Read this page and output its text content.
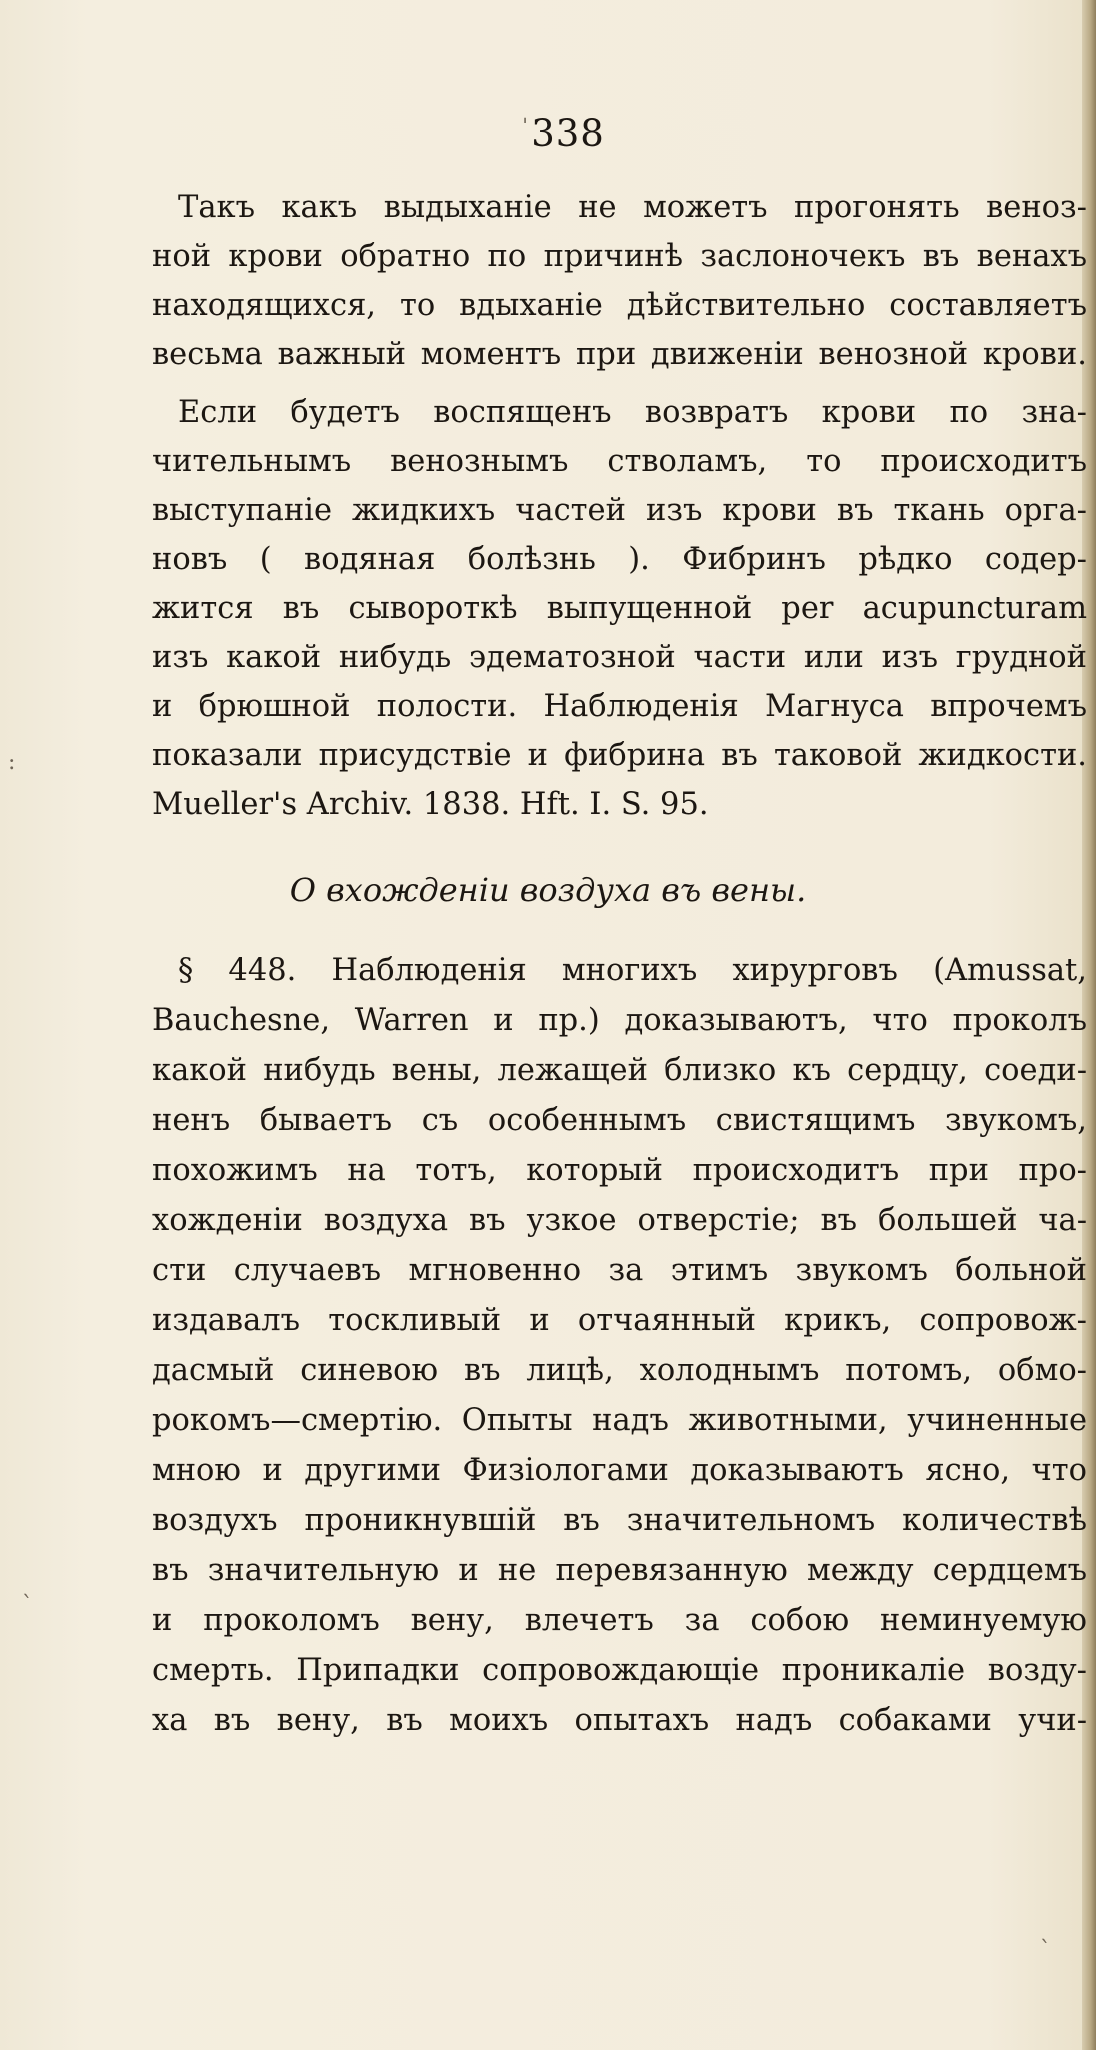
ˈ
:
ˋ
ˋ
338
Такъ какъ выдыханіе не можетъ прогонять веноз-
ной крови обратно по причинѣ заслоночекъ въ венахъ
находящихся, то вдыханіе дѣйствительно составляетъ
весьма важный моментъ при движеніи венозной крови.
Если будетъ воспященъ возвратъ крови по зна-
чительнымъ венознымъ стволамъ, то происходитъ
выступаніе жидкихъ частей изъ крови въ ткань орга-
новъ ( водяная болѣзнь ). Фибринъ рѣдко содер-
жится въ сывороткѣ выпущенной per acupuncturam
изъ какой нибудь эдематозной части или изъ грудной
и брюшной полости. Наблюденія Магнуса впрочемъ
показали присудствіе и фибрина въ таковой жидкости.
Mueller's Archiv. 1838. Hft. I. S. 95.
О вхожденіи воздуха въ вены.
§ 448. Наблюденія многихъ хирурговъ (Amussat,
Bauchesne, Warren и пр.) доказываютъ, что проколъ
какой нибудь вены, лежащей близко къ сердцу, соеди-
ненъ бываетъ съ особеннымъ свистящимъ звукомъ,
похожимъ на тотъ, который происходитъ при про-
хожденіи воздуха въ узкое отверстіе; въ большей ча-
сти случаевъ мгновенно за этимъ звукомъ больной
издавалъ тоскливый и отчаянный крикъ, сопровож-
дасмый синевою въ лицѣ, холоднымъ потомъ, обмо-
рокомъ—смертію. Опыты надъ животными, учиненные
мною и другими Физіологами доказываютъ ясно, что
воздухъ проникнувшій въ значительномъ количествѣ
въ значительную и не перевязанную между сердцемъ
и проколомъ вену, влечетъ за собою неминуемую
смерть. Припадки сопровождающіе проникаліе возду-
ха въ вену, въ моихъ опытахъ надъ собаками учи-
